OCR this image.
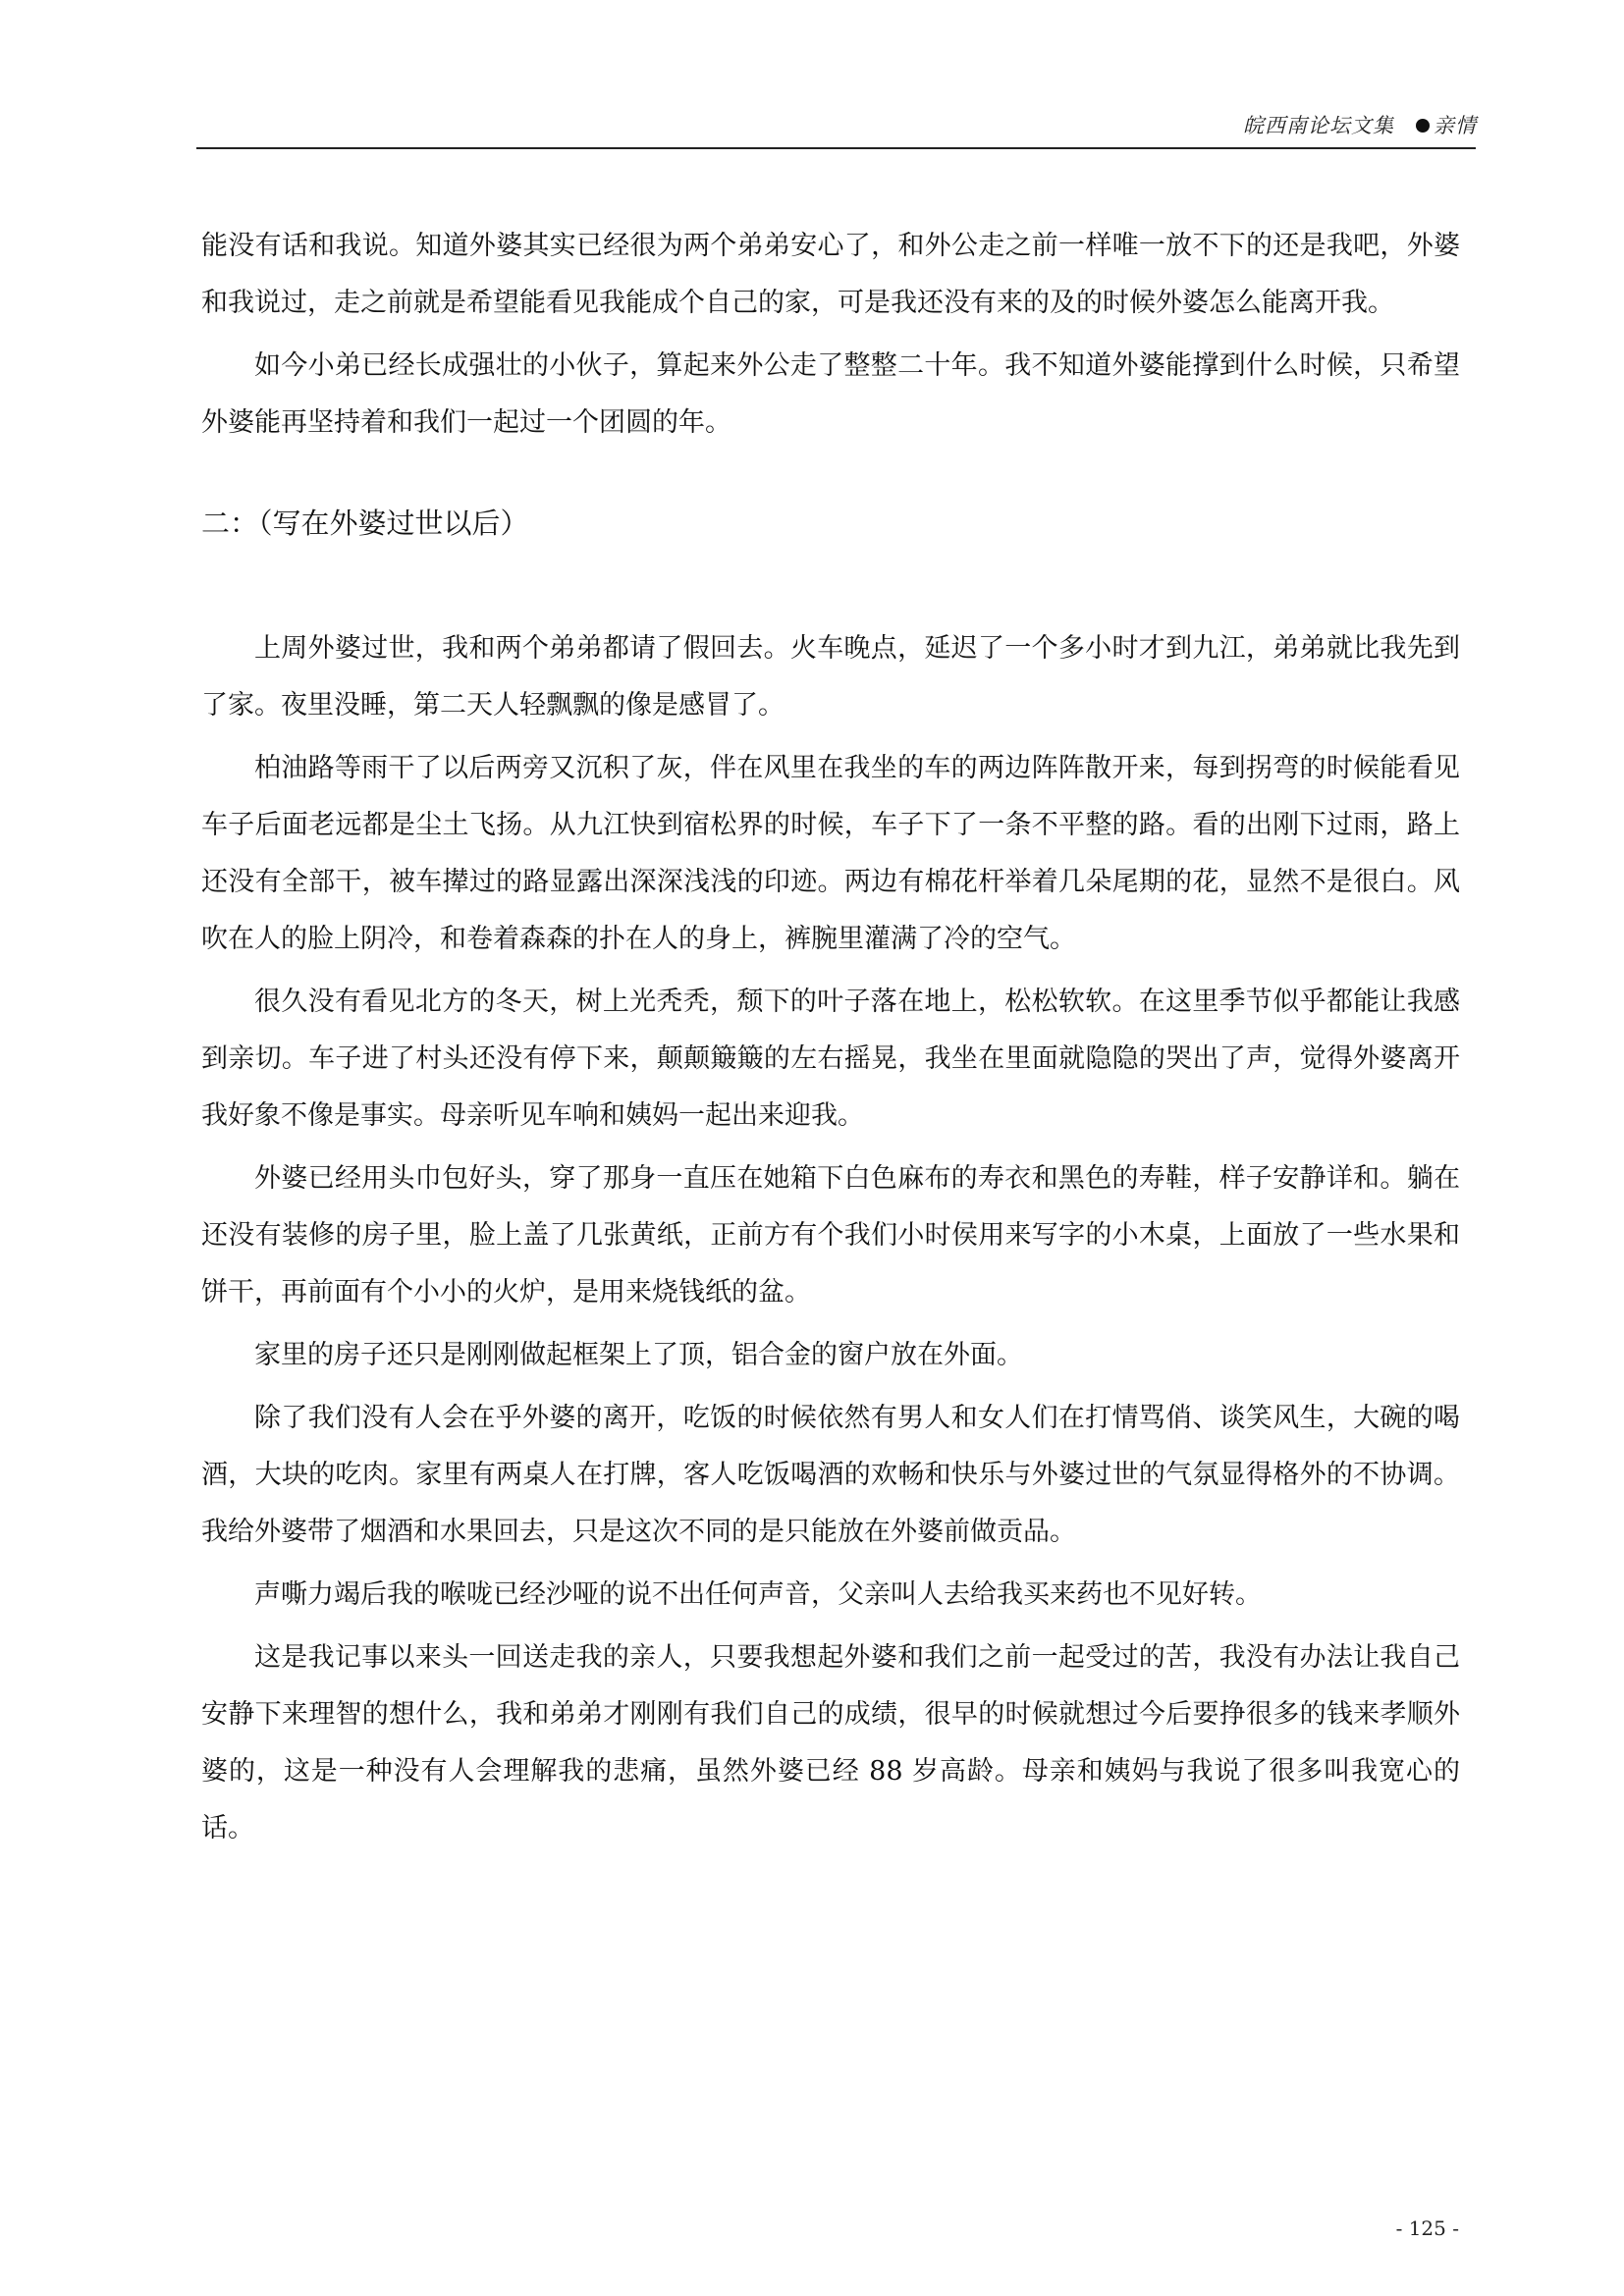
皖西南论坛文集 亲情

能没有话和我说。知道外婆其实已经很为两个弟弟安心了，和外公走之前一样唯一放不下的还是我吧，外婆和我说过，走之前就是希望能看见我能成个自己的家，可是我还没有来的及的时候外婆怎么能离开我。

如今小弟已经长成强壮的小伙子，算起来外公走了整整二十年。我不知道外婆能撑到什么时候，只希望外婆能再坚持着和我们一起过一个团圆的年。

二：（写在外婆过世以后）

上周外婆过世，我和两个弟弟都请了假回去。火车晚点，延迟了一个多小时才到九江，弟弟就比我先到了家。夜里没睡，第二天人轻飘飘的像是感冒了。

柏油路等雨干了以后两旁又沉积了灰，伴在风里在我坐的车的两边阵阵散开来，每到拐弯的时候能看见车子后面老远都是尘土飞扬。从九江快到宿松界的时候，车子下了一条不平整的路。看的出刚下过雨，路上还没有全部干，被车撵过的路显露出深深浅浅的印迹。两边有棉花杆举着几朵尾期的花，显然不是很白。风吹在人的脸上阴冷，和卷着森森的扑在人的身上，裤腕里灌满了冷的空气。

很久没有看见北方的冬天，树上光秃秃，颓下的叶子落在地上，松松软软。在这里季节似乎都能让我感到亲切。车子进了村头还没有停下来，颠颠簸簸的左右摇晃，我坐在里面就隐隐的哭出了声，觉得外婆离开我好象不像是事实。母亲听见车响和姨妈一起出来迎我。

外婆已经用头巾包好头，穿了那身一直压在她箱下白色麻布的寿衣和黑色的寿鞋，样子安静详和。躺在还没有装修的房子里，脸上盖了几张黄纸，正前方有个我们小时侯用来写字的小木桌，上面放了一些水果和饼干，再前面有个小小的火炉，是用来烧钱纸的盆。

家里的房子还只是刚刚做起框架上了顶，铝合金的窗户放在外面。

除了我们没有人会在乎外婆的离开，吃饭的时候依然有男人和女人们在打情骂俏、谈笑风生，大碗的喝酒，大块的吃肉。家里有两桌人在打牌，客人吃饭喝酒的欢畅和快乐与外婆过世的气氛显得格外的不协调。我给外婆带了烟酒和水果回去，只是这次不同的是只能放在外婆前做贡品。

声嘶力竭后我的喉咙已经沙哑的说不出任何声音，父亲叫人去给我买来药也不见好转。

这是我记事以来头一回送走我的亲人，只要我想起外婆和我们之前一起受过的苦，我没有办法让我自己安静下来理智的想什么，我和弟弟才刚刚有我们自己的成绩，很早的时候就想过今后要挣很多的钱来孝顺外婆的，这是一种没有人会理解我的悲痛，虽然外婆已经 88 岁高龄。母亲和姨妈与我说了很多叫我宽心的话。

- 125 -
